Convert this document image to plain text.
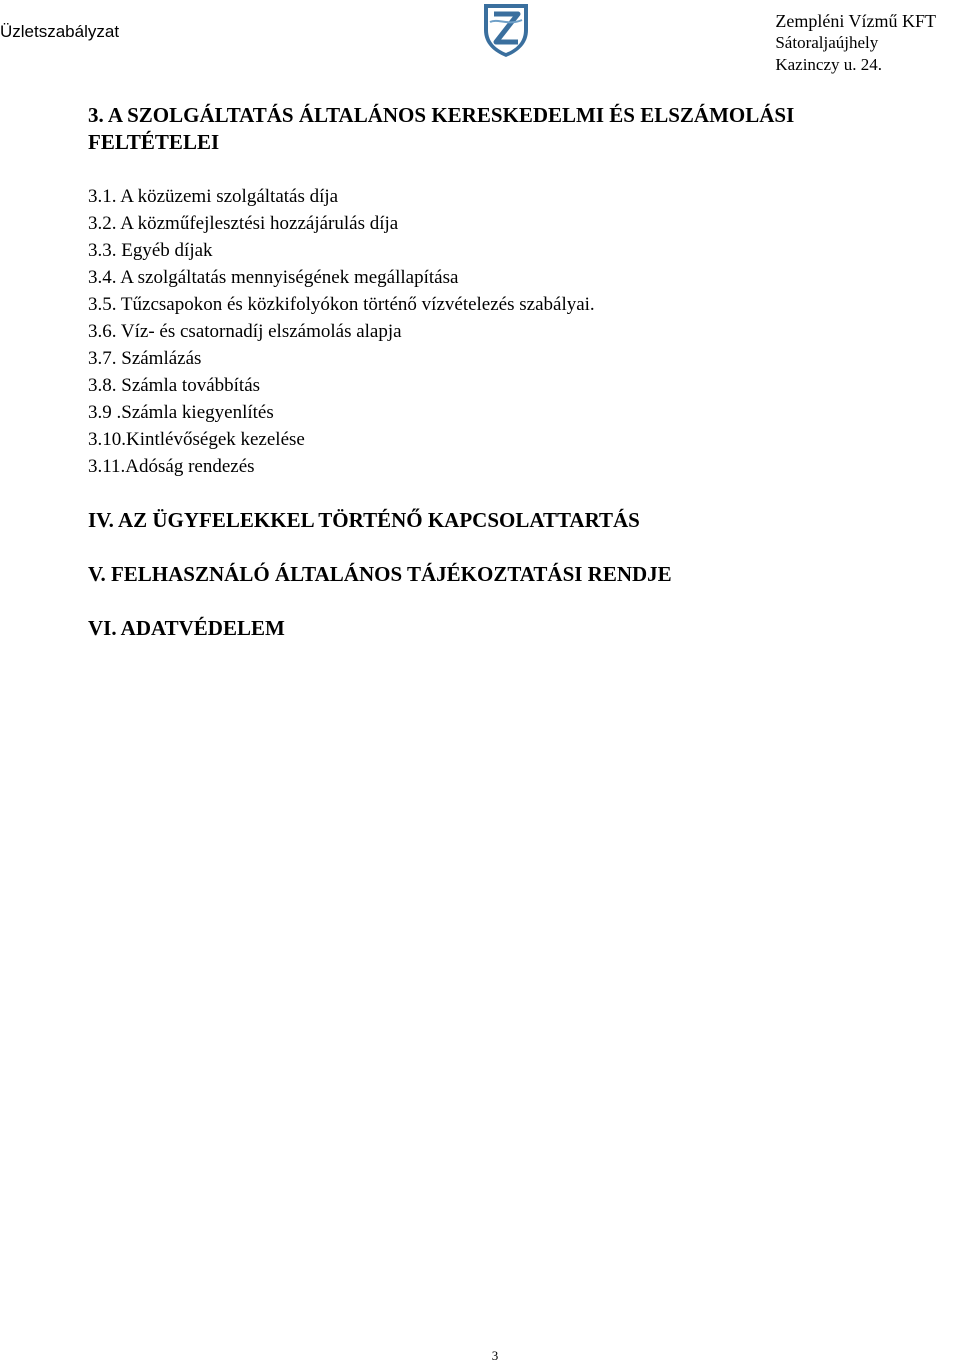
Üzletszabályzat
Zempléni Vízmű KFT
Sátoraljaújhely
Kazinczy u. 24.
3. A SZOLGÁLTATÁS ÁLTALÁNOS KERESKEDELMI ÉS ELSZÁMOLÁSI FELTÉTELEI
3.1. A közüzemi szolgáltatás díja
3.2. A közműfejlesztési hozzájárulás díja
3.3. Egyéb díjak
3.4. A szolgáltatás mennyiségének megállapítása
3.5. Tűzcsapokon és közkifolyókon történő vízvételezés szabályai.
3.6. Víz- és csatornadíj elszámolás alapja
3.7. Számlázás
3.8. Számla továbbítás
3.9 .Számla kiegyenlítés
3.10.Kintlévőségek kezelése
3.11.Adóság rendezés
IV. AZ ÜGYFELEKKEL TÖRTÉNŐ KAPCSOLATTARTÁS
V. FELHASZNÁLÓ ÁLTALÁNOS TÁJÉKOZTATÁSI RENDJE
VI. ADATVÉDELEM
3
